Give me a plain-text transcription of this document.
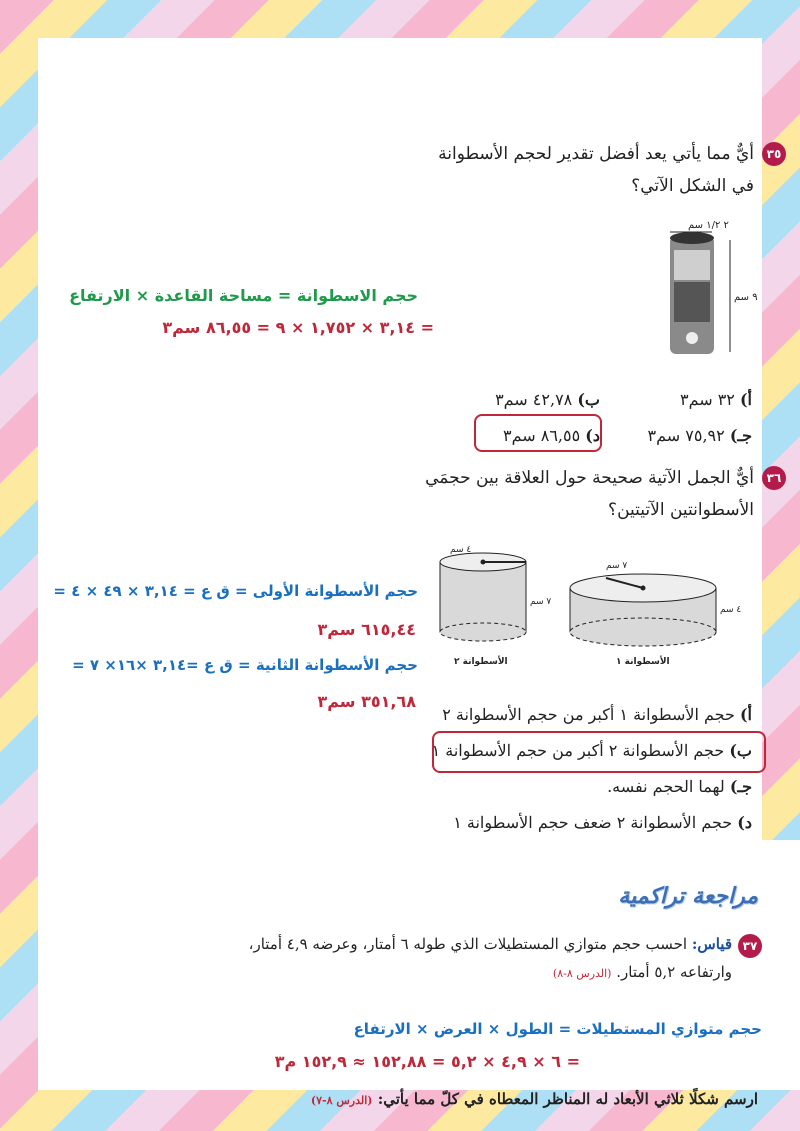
٣٥
أيٌّ مما يأتي يعد أفضل تقدير لحجم الأسطوانة
في الشكل الآتي؟
٢ ١/٢ سم
٩ سم
حجم الاسطوانة = مساحة القاعدة × الارتفاع
= ٣,١٤ × ١,٧٥٢ × ٩ = ٨٦,٥٥ سم٣
أ) ٣٢ سم٣
ب) ٤٢,٧٨ سم٣
جـ) ٧٥,٩٢ سم٣
د) ٨٦,٥٥ سم٣
٣٦
أيٌّ الجمل الآتية صحيحة حول العلاقة بين حجمَي
الأسطوانتين الآتيتين؟
٤ سم
٧ سم
الأسطوانة ٢
٧ سم
٤ سم
الأسطوانة ١
حجم الأسطوانة الأولى = ق ع = ٣,١٤ × ٤٩ × ٤ =
٦١٥,٤٤ سم٣
حجم الأسطوانة الثانية = ق ع =٣,١٤ ×١٦× ٧ =
٣٥١,٦٨ سم٣
أ) حجم الأسطوانة ١ أكبر من حجم الأسطوانة ٢
ب) حجم الأسطوانة ٢ أكبر من حجم الأسطوانة ١
جـ) لهما الحجم نفسه.
د) حجم الأسطوانة ٢ ضعف حجم الأسطوانة ١
مراجعة تراكمية
٣٧
قياس: احسب حجم متوازي المستطيلات الذي طوله ٦ أمتار، وعرضه ٤,٩ أمتار،
وارتفاعه ٥,٢ أمتار. (الدرس ٨-٨)
حجم متوازي المستطيلات = الطول × العرض × الارتفاع
= ٦ × ٤,٩ × ٥,٢ = ١٥٢,٨٨ ≈ ١٥٢,٩ م٣
ارسم شكلًا ثلاثي الأبعاد له المناظر المعطاه في كلّ مما يأتي: (الدرس ٨-٧)
